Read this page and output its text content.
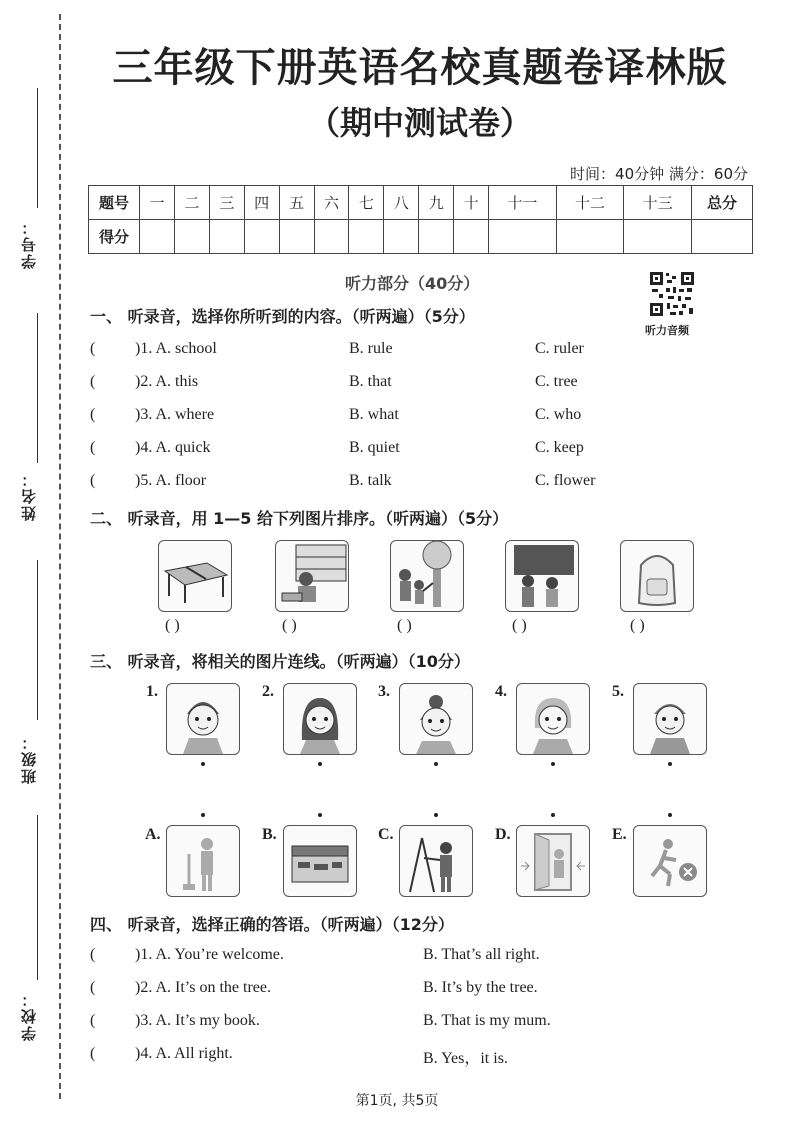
学号：
姓名：
班级：
学校：
三年级下册英语名校真题卷译林版
（期中测试卷）
时间：40分钟 满分：60分
题号	一	二	三	四	五	六	七	八	九	十	十一	十二	十三	总分
得分														
听力部分（40分）
听力音频
一、 听录音，选择你所听到的内容。（听两遍）（5分）
( )1. A. school	B. rule	C. ruler
( )2. A. this	B. that	C. tree
( )3. A. where	B. what	C. who
( )4. A. quick	B. quiet	C. keep
( )5. A. floor	B. talk	C. flower
二、 听录音，用 1—5 给下列图片排序。（听两遍）（5分）
( )	( )	( )	( )	( )
三、 听录音，将相关的图片连线。（听两遍）（10分）
1.	2.	3.	4.	5.
A.	B.	C.	D.	E.
四、 听录音，选择正确的答语。（听两遍）（12分）
( )1. A. You’re welcome.	B. That’s all right.
( )2. A. It’s on the tree.	B. It’s by the tree.
( )3. A. It’s my book.	B. That is my mum.
( )4. A. All right.	B. Yes，it is.
第1页, 共5页
